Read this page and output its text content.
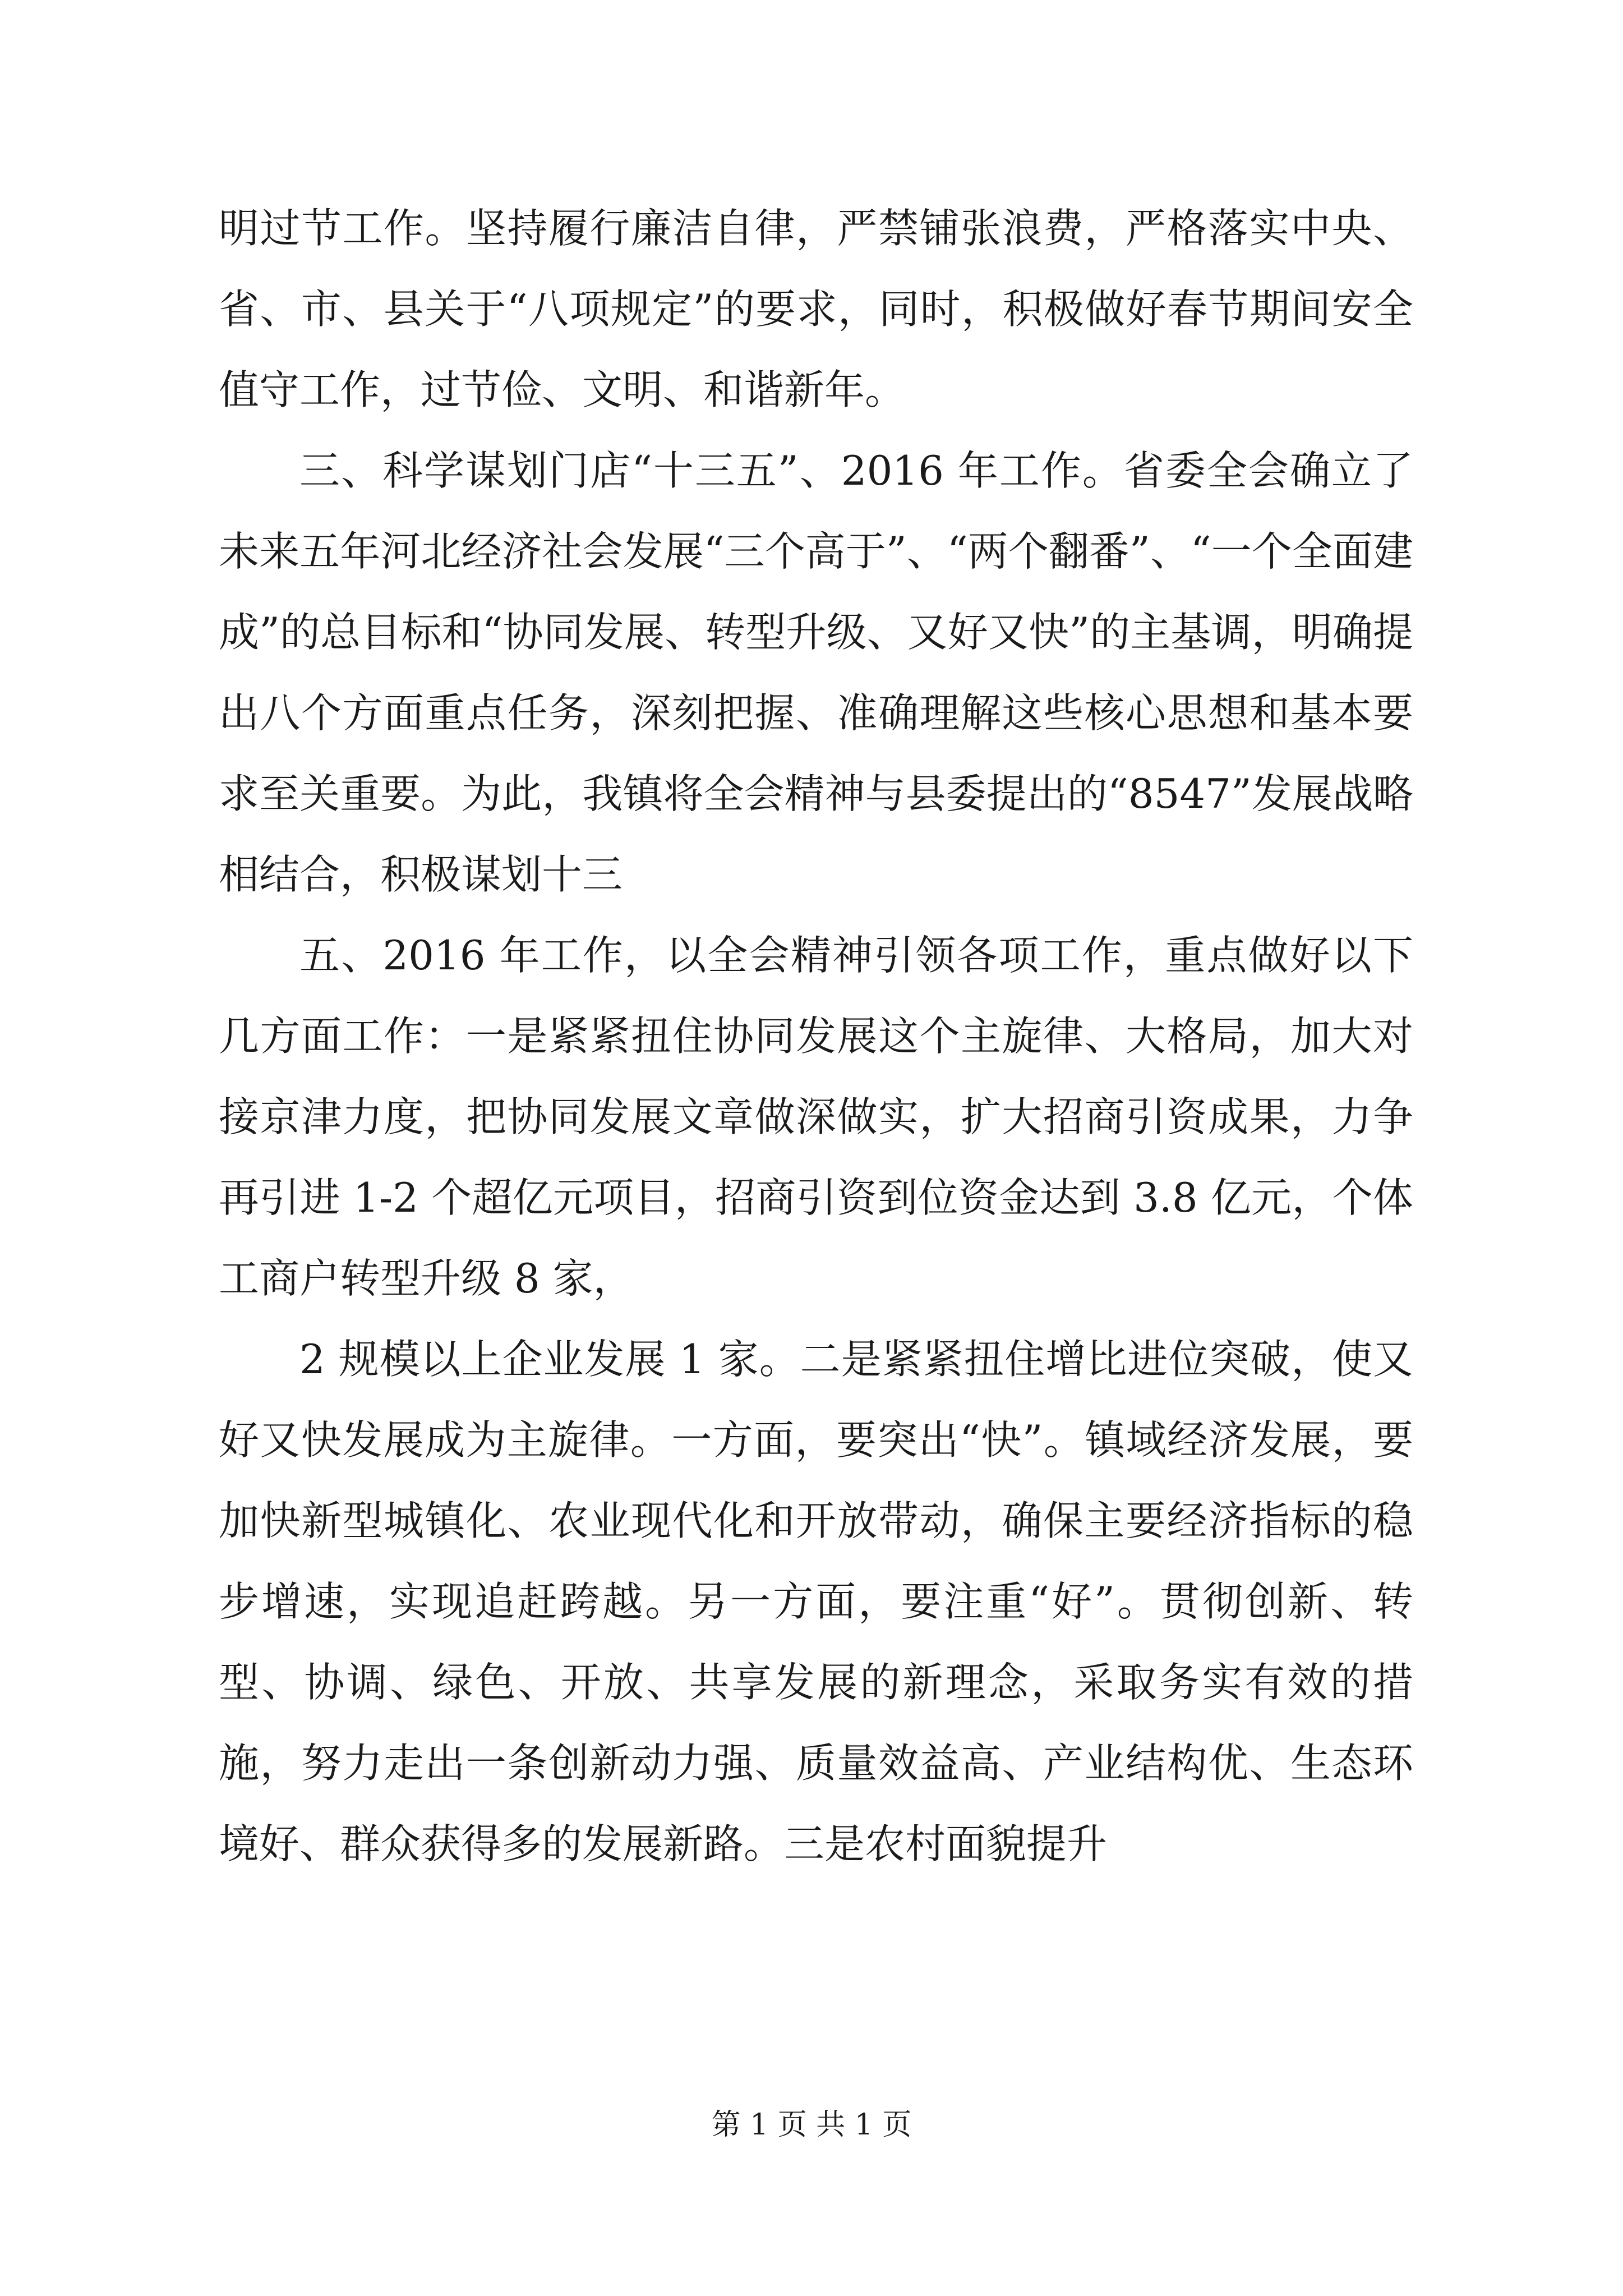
明过节工作。坚持履行廉洁自律，严禁铺张浪费，严格落实中央、省、市、县关于“八项规定”的要求，同时，积极做好春节期间安全值守工作，过节俭、文明、和谐新年。

三、科学谋划门店“十三五”、2016 年工作。省委全会确立了未来五年河北经济社会发展“三个高于”、“两个翻番”、“一个全面建成”的总目标和“协同发展、转型升级、又好又快”的主基调，明确提出八个方面重点任务，深刻把握、准确理解这些核心思想和基本要求至关重要。为此，我镇将全会精神与县委提出的“8547”发展战略相结合，积极谋划十三

五、2016 年工作，以全会精神引领各项工作，重点做好以下几方面工作：一是紧紧扭住协同发展这个主旋律、大格局，加大对接京津力度，把协同发展文章做深做实，扩大招商引资成果，力争再引进 1-2 个超亿元项目，招商引资到位资金达到 3.8 亿元，个体工商户转型升级 8 家，

2 规模以上企业发展 1 家。二是紧紧扭住增比进位突破，使又好又快发展成为主旋律。一方面，要突出“快”。镇域经济发展，要加快新型城镇化、农业现代化和开放带动，确保主要经济指标的稳步增速，实现追赶跨越。另一方面，要注重“好”。贯彻创新、转型、协调、绿色、开放、共享发展的新理念，采取务实有效的措施，努力走出一条创新动力强、质量效益高、产业结构优、生态环境好、群众获得多的发展新路。三是农村面貌提升

第 1 页 共 1 页
